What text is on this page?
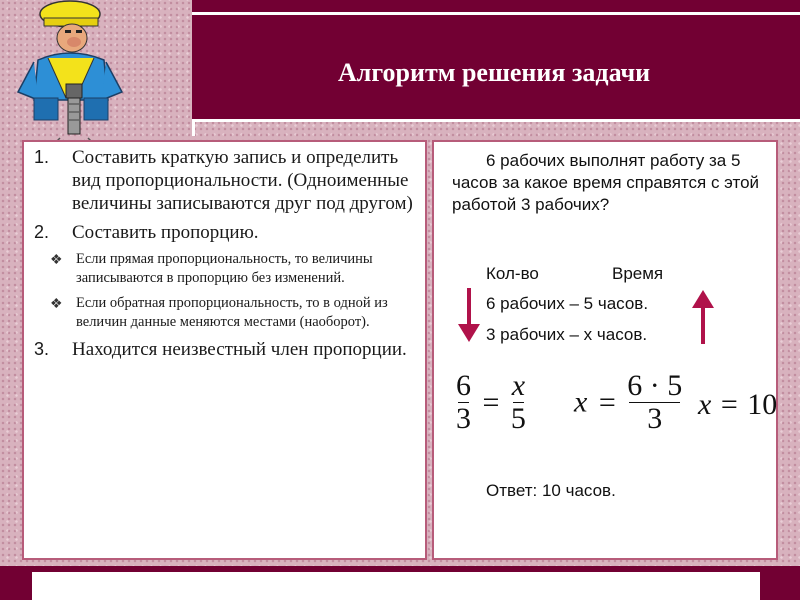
Алгоритм решения задачи
1. Составить краткую запись и определить вид пропорциональности. (Одноименные величины записываются друг под другом)
2. Составить пропорцию.
❖ Если прямая пропорциональность, то величины записываются в пропорцию без изменений.
❖ Если обратная пропорциональность, то в одной из величин данные меняются местами (наоборот).
3. Находится неизвестный член пропорции.
6 рабочих выполнят работу за 5 часов за какое время справятся с этой работой 3 рабочих?
Кол-во	Время
6 рабочих – 5 часов.
3 рабочих – x часов.
$\frac{6}{3} = \frac{x}{5}$ $x = \frac{6 \cdot 5}{3}$ x = 10
Ответ: 10 часов.
